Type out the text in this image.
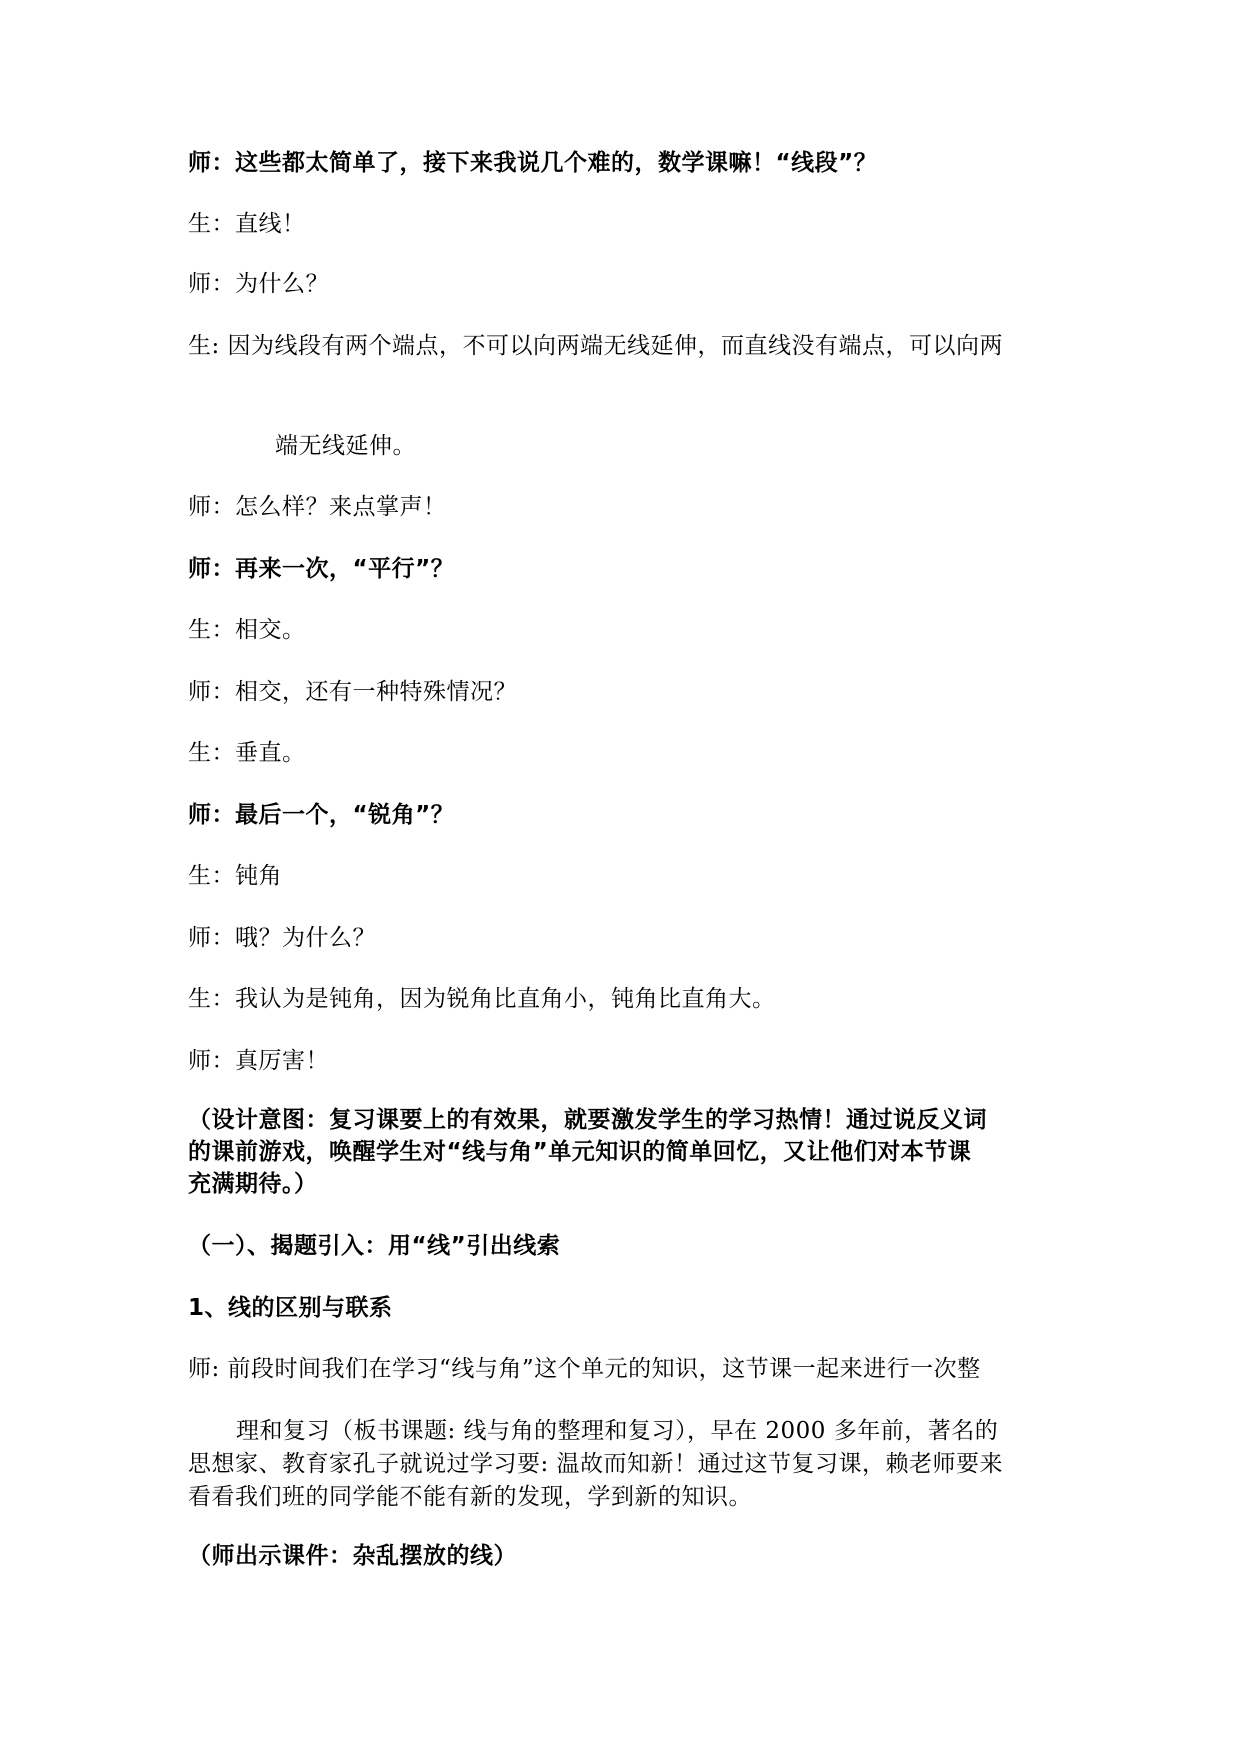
师：这些都太简单了，接下来我说几个难的，数学课嘛！“线段”？
生：直线！
师：为什么？
生: 因为线段有两个端点，不可以向两端无线延伸，而直线没有端点，可以向两
端无线延伸。
师：怎么样？来点掌声！
师：再来一次，“平行”？
生：相交。
师：相交，还有一种特殊情况？
生：垂直。
师：最后一个，“锐角”？
生：钝角
师：哦？为什么？
生：我认为是钝角，因为锐角比直角小，钝角比直角大。
师：真厉害！
（设计意图：复习课要上的有效果，就要激发学生的学习热情！通过说反义词
的课前游戏，唤醒学生对“线与角”单元知识的简单回忆，又让他们对本节课
充满期待。）
（一）、揭题引入：用“线”引出线索
1、线的区别与联系
师: 前段时间我们在学习“线与角”这个单元的知识，这节课一起来进行一次整
理和复习（板书课题: 线与角的整理和复习），早在 2000 多年前，著名的
思想家、教育家孔子就说过学习要: 温故而知新！通过这节复习课，赖老师要来
看看我们班的同学能不能有新的发现，学到新的知识。
（师出示课件：杂乱摆放的线）
